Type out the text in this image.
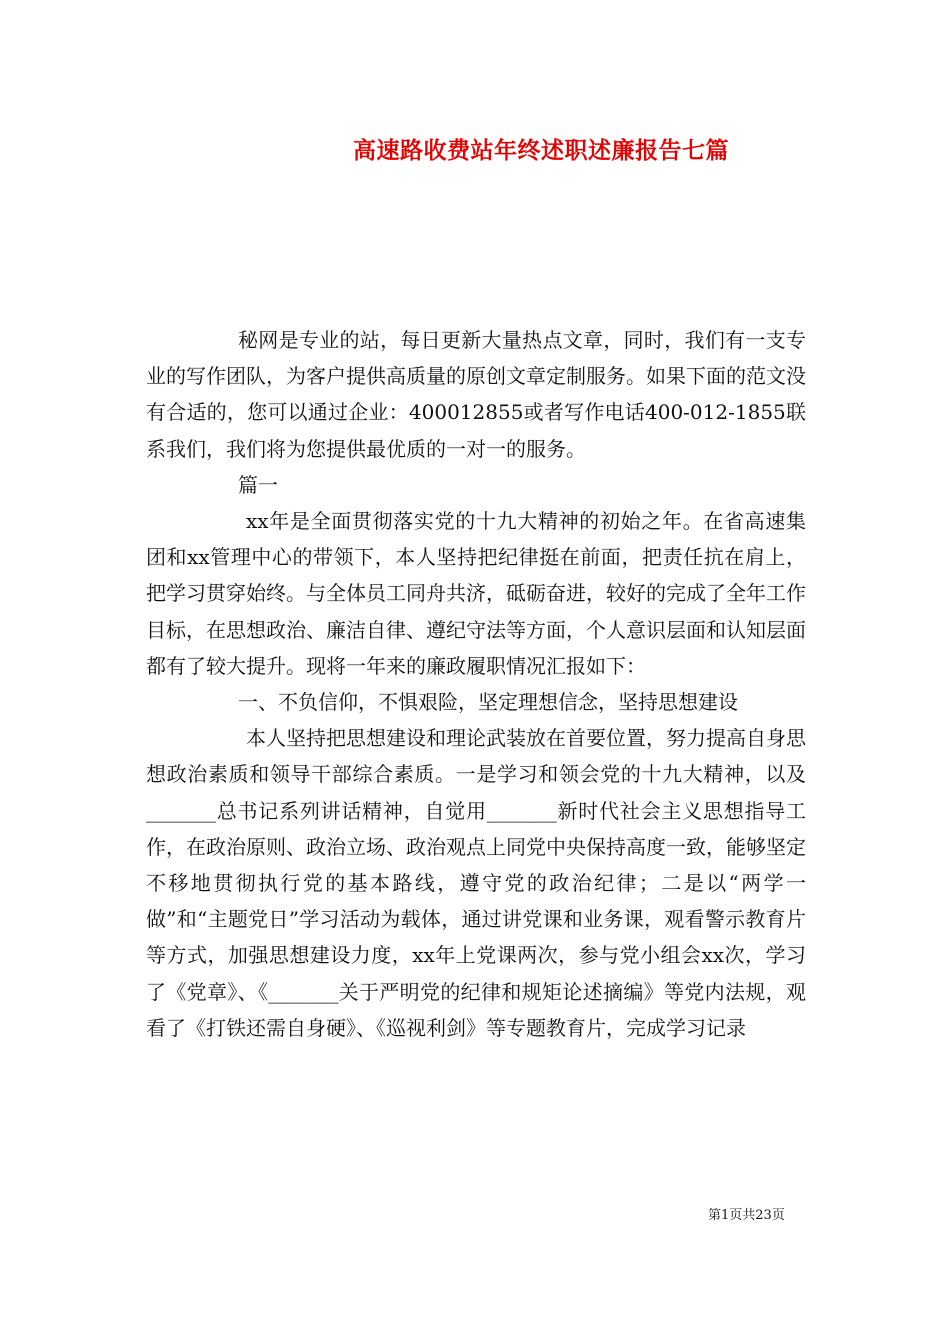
高速路收费站年终述职述廉报告七篇

秘网是专业的站，每日更新大量热点文章，同时，我们有一支专业的写作团队，为客户提供高质量的原创文章定制服务。如果下面的范文没有合适的，您可以通过企业：400012855或者写作电话400-012-1855联系我们，我们将为您提供最优质的一对一的服务。

篇一

xx年是全面贯彻落实党的十九大精神的初始之年。在省高速集团和xx管理中心的带领下，本人坚持把纪律挺在前面，把责任抗在肩上，把学习贯穿始终。与全体员工同舟共济，砥砺奋进，较好的完成了全年工作目标，在思想政治、廉洁自律、遵纪守法等方面，个人意识层面和认知层面都有了较大提升。现将一年来的廉政履职情况汇报如下：

一、不负信仰，不惧艰险，坚定理想信念，坚持思想建设

本人坚持把思想建设和理论武装放在首要位置，努力提高自身思想政治素质和领导干部综合素质。一是学习和领会党的十九大精神，以及_______总书记系列讲话精神，自觉用_______新时代社会主义思想指导工作，在政治原则、政治立场、政治观点上同党中央保持高度一致，能够坚定不移地贯彻执行党的基本路线，遵守党的政治纪律；二是以“两学一做”和“主题党日”学习活动为载体，通过讲党课和业务课，观看警示教育片等方式，加强思想建设力度，xx年上党课两次，参与党小组会xx次，学习了《党章》、《_______关于严明党的纪律和规矩论述摘编》等党内法规，观看了《打铁还需自身硬》、《巡视利剑》等专题教育片，完成学习记录

第1页共23页
